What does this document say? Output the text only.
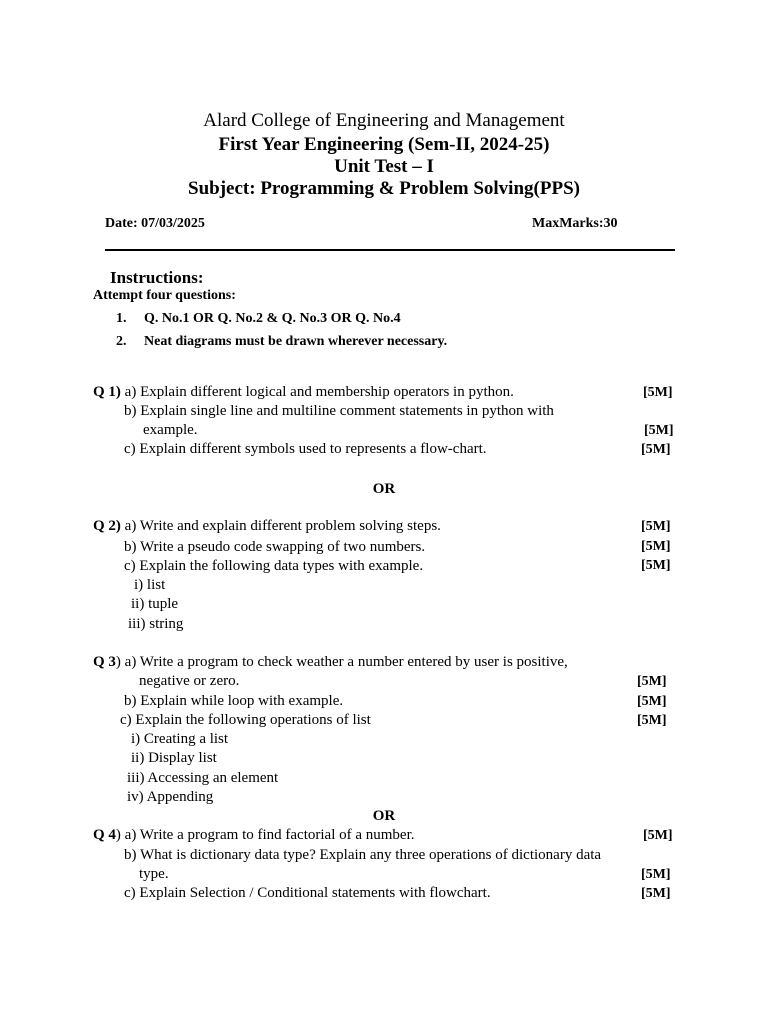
Alard College of Engineering and Management
First Year Engineering (Sem-II, 2024-25)
Unit Test – I
Subject: Programming & Problem Solving(PPS)
Date: 07/03/2025	MaxMarks:30
Instructions:
Attempt four questions:
1. Q. No.1 OR Q. No.2 & Q. No.3 OR Q. No.4
2. Neat diagrams must be drawn wherever necessary.
Q 1) a) Explain different logical and membership operators in python.
b) Explain single line and multiline comment statements in python with
example.
c) Explain different symbols used to represents a flow-chart.
[5M]
[5M]
[5M]
OR
Q 2) a) Write and explain different problem solving steps.
b) Write a pseudo code swapping of two numbers.
c) Explain the following data types with example.
i) list
ii) tuple
iii) string
[5M]
[5M]
[5M]
Q 3) a) Write a program to check weather a number entered by user is positive,
negative or zero.
b) Explain while loop with example.
c) Explain the following operations of list
i) Creating a list
ii) Display list
iii) Accessing an element
iv) Appending
[5M]
[5M]
[5M]
OR
Q 4) a) Write a program to find factorial of a number.
b) What is dictionary data type? Explain any three operations of dictionary data
type.
c) Explain Selection / Conditional statements with flowchart.
[5M]
[5M]
[5M]
